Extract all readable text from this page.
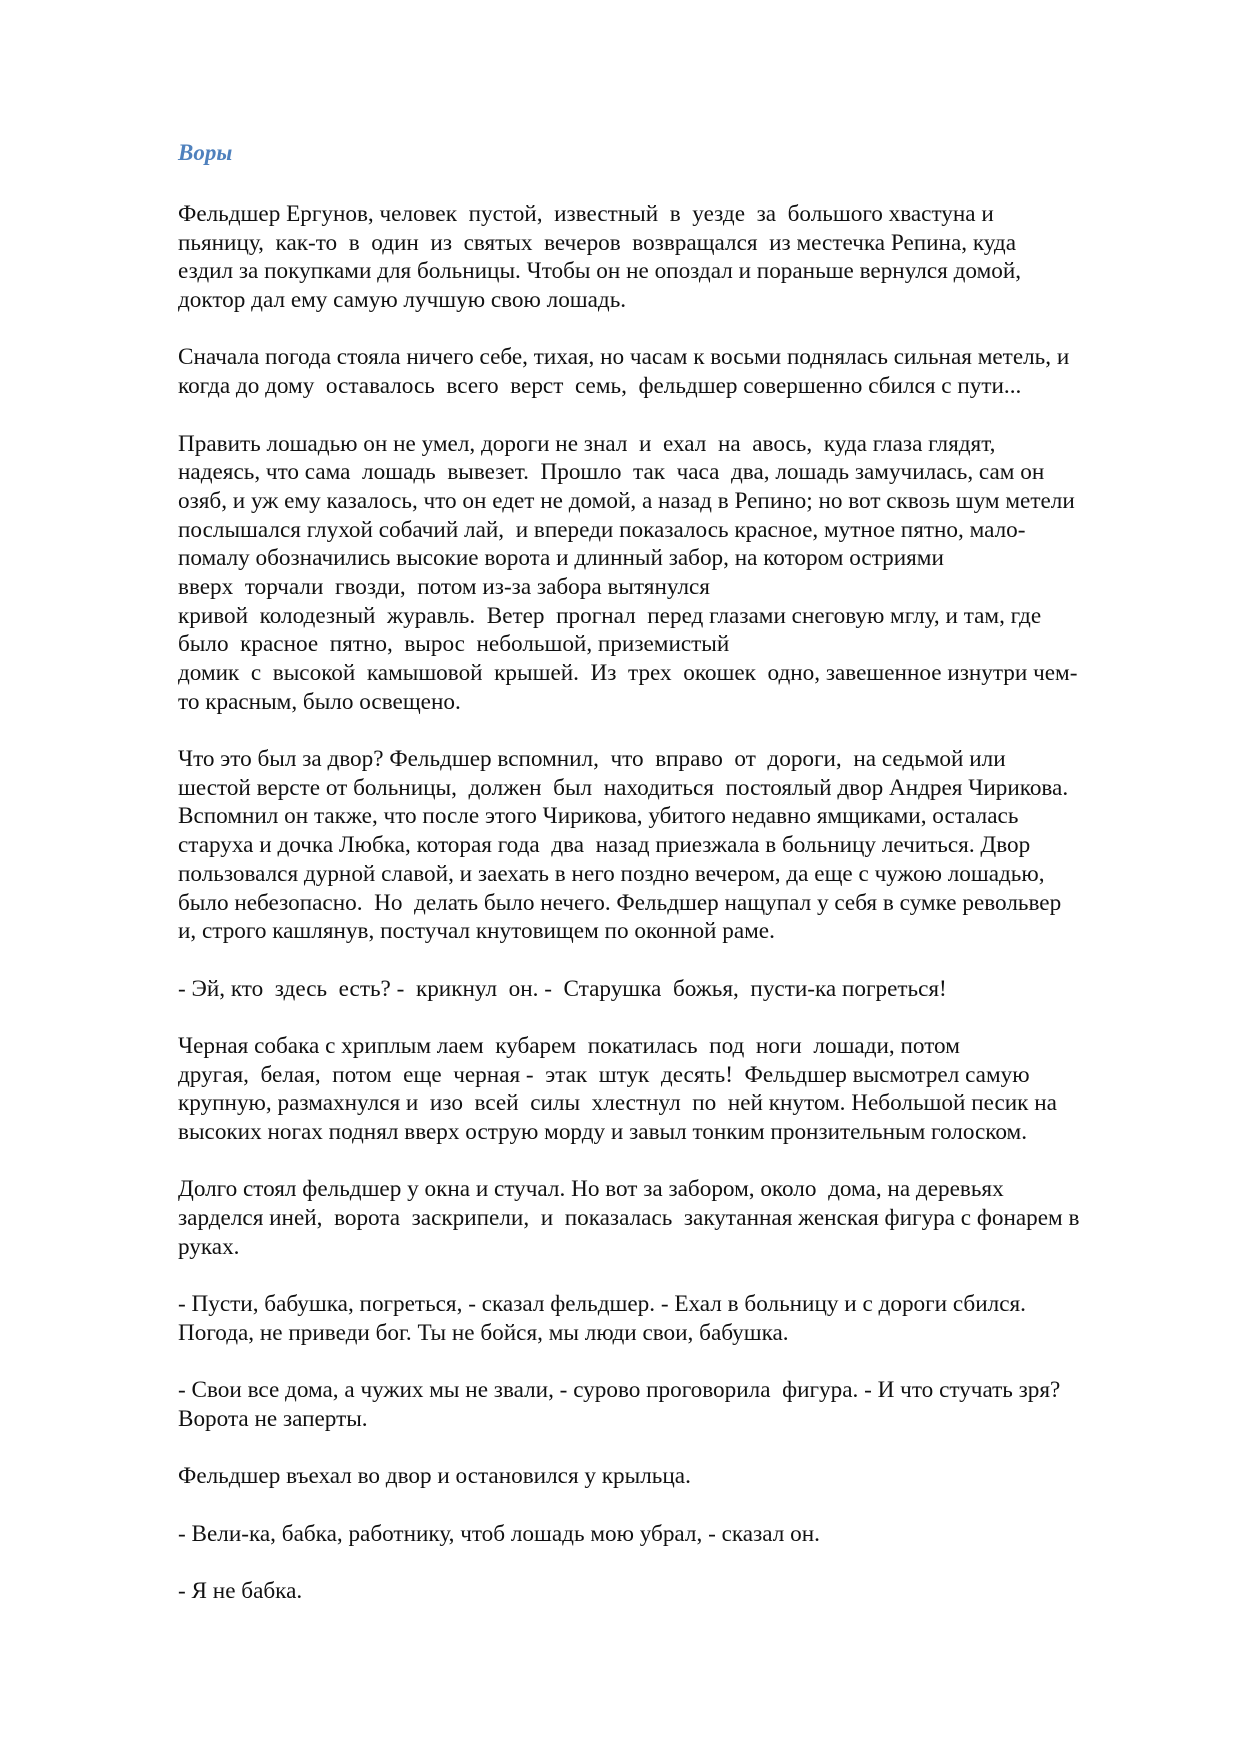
Воры

Фельдшер Ергунов, человек  пустой,  известный  в  уезде  за  большого хвастуна и
пьяницу,  как-то  в  один  из  святых  вечеров  возвращался  из местечка Репина, куда
ездил за покупками для больницы. Чтобы он не опоздал и пораньше вернулся домой,
доктор дал ему самую лучшую свою лошадь.

Сначала погода стояла ничего себе, тихая, но часам к восьми поднялась сильная метель, и
когда до дому  оставалось  всего  верст  семь,  фельдшер совершенно сбился с пути...

Править лошадью он не умел, дороги не знал  и  ехал  на  авось,  куда глаза глядят,
надеясь, что сама  лошадь  вывезет.  Прошло  так  часа  два, лошадь замучилась, сам он
озяб, и уж ему казалось, что он едет не домой, а назад в Репино; но вот сквозь шум метели
послышался глухой собачий лай,  и впереди показалось красное, мутное пятно, мало-
помалу обозначились высокие ворота и длинный забор, на котором остриями
вверх  торчали  гвозди,  потом из-за забора вытянулся
кривой  колодезный  журавль.  Ветер  прогнал  перед глазами снеговую мглу, и там, где
было  красное  пятно,  вырос  небольшой, приземистый
домик  с  высокой  камышовой  крышей.  Из  трех  окошек  одно, завешенное изнутри чем-
то красным, было освещено.

Что это был за двор? Фельдшер вспомнил,  что  вправо  от  дороги,  на седьмой или
шестой версте от больницы,  должен  был  находиться  постоялый двор Андрея Чирикова.
Вспомнил он также, что после этого Чирикова, убитого недавно ямщиками, осталась
старуха и дочка Любка, которая года  два  назад приезжала в больницу лечиться. Двор
пользовался дурной славой, и заехать в него поздно вечером, да еще с чужою лошадью,
было небезопасно.  Но  делать было нечего. Фельдшер нащупал у себя в сумке револьвер
и, строго кашлянув, постучал кнутовищем по оконной раме.

- Эй, кто  здесь  есть? -  крикнул  он. -  Старушка  божья,  пусти-ка погреться!

Черная собака с хриплым лаем  кубарем  покатилась  под  ноги  лошади, потом
другая,  белая,  потом  еще  черная -  этак  штук  десять!  Фельдшер высмотрел самую
крупную, размахнулся и  изо  всей  силы  хлестнул  по  ней кнутом. Небольшой песик на
высоких ногах поднял вверх острую морду и завыл тонким пронзительным голоском.

Долго стоял фельдшер у окна и стучал. Но вот за забором, около  дома, на деревьях
зарделся иней,  ворота  заскрипели,  и  показалась  закутанная женская фигура с фонарем в
руках.

- Пусти, бабушка, погреться, - сказал фельдшер. - Ехал в больницу и с дороги сбился.
Погода, не приведи бог. Ты не бойся, мы люди свои, бабушка.

- Свои все дома, а чужих мы не звали, - сурово проговорила  фигура. - И что стучать зря?
Ворота не заперты.

Фельдшер въехал во двор и остановился у крыльца.

- Вели-ка, бабка, работнику, чтоб лошадь мою убрал, - сказал он.

- Я не бабка.
